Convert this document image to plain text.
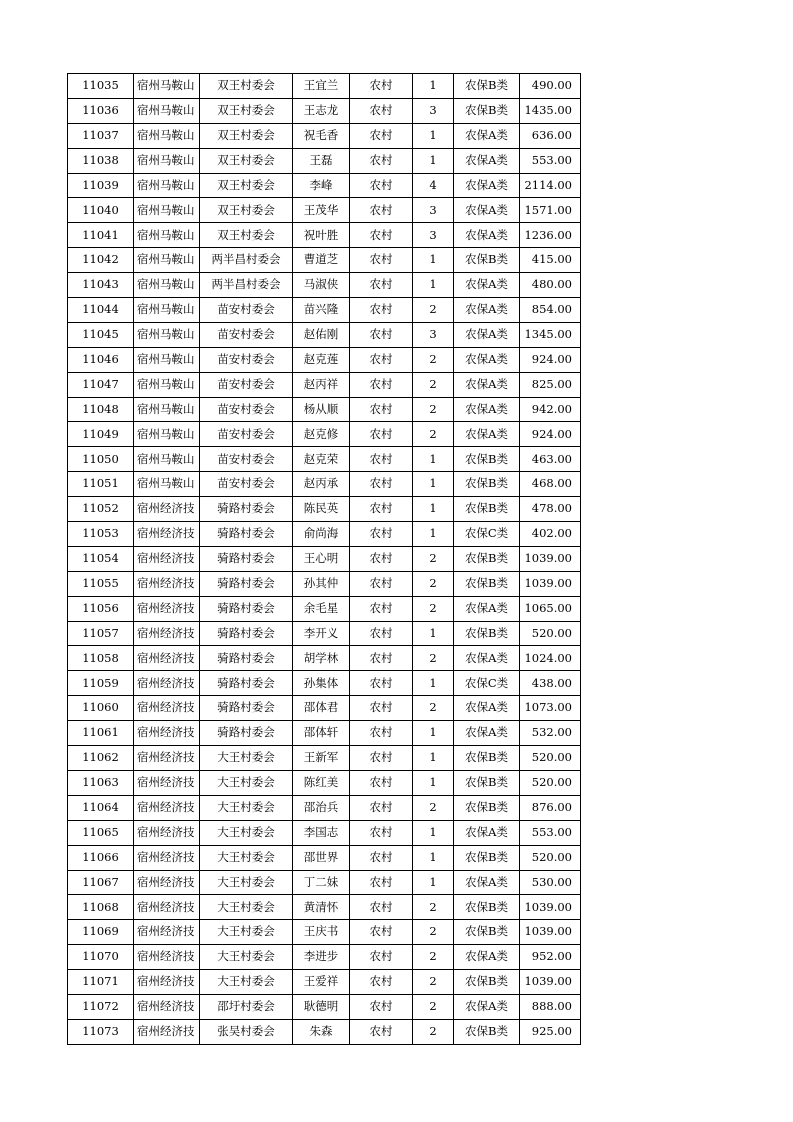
11035	宿州马鞍山	双王村委会	王宜兰	农村	1	农保B类	490.00
11036	宿州马鞍山	双王村委会	王志龙	农村	3	农保B类	1435.00
11037	宿州马鞍山	双王村委会	祝毛香	农村	1	农保A类	636.00
11038	宿州马鞍山	双王村委会	王磊	农村	1	农保A类	553.00
11039	宿州马鞍山	双王村委会	李峰	农村	4	农保A类	2114.00
11040	宿州马鞍山	双王村委会	王茂华	农村	3	农保A类	1571.00
11041	宿州马鞍山	双王村委会	祝叶胜	农村	3	农保A类	1236.00
11042	宿州马鞍山	两半昌村委会	曹道芝	农村	1	农保B类	415.00
11043	宿州马鞍山	两半昌村委会	马淑侠	农村	1	农保A类	480.00
11044	宿州马鞍山	苗安村委会	苗兴隆	农村	2	农保A类	854.00
11045	宿州马鞍山	苗安村委会	赵佑刚	农村	3	农保A类	1345.00
11046	宿州马鞍山	苗安村委会	赵克莲	农村	2	农保A类	924.00
11047	宿州马鞍山	苗安村委会	赵丙祥	农村	2	农保A类	825.00
11048	宿州马鞍山	苗安村委会	杨从顺	农村	2	农保A类	942.00
11049	宿州马鞍山	苗安村委会	赵克修	农村	2	农保A类	924.00
11050	宿州马鞍山	苗安村委会	赵克荣	农村	1	农保B类	463.00
11051	宿州马鞍山	苗安村委会	赵丙承	农村	1	农保B类	468.00
11052	宿州经济技	骑路村委会	陈民英	农村	1	农保B类	478.00
11053	宿州经济技	骑路村委会	俞尚海	农村	1	农保C类	402.00
11054	宿州经济技	骑路村委会	王心明	农村	2	农保B类	1039.00
11055	宿州经济技	骑路村委会	孙其仲	农村	2	农保B类	1039.00
11056	宿州经济技	骑路村委会	余毛星	农村	2	农保A类	1065.00
11057	宿州经济技	骑路村委会	李开义	农村	1	农保B类	520.00
11058	宿州经济技	骑路村委会	胡学林	农村	2	农保A类	1024.00
11059	宿州经济技	骑路村委会	孙集体	农村	1	农保C类	438.00
11060	宿州经济技	骑路村委会	邵体君	农村	2	农保A类	1073.00
11061	宿州经济技	骑路村委会	邵体轩	农村	1	农保A类	532.00
11062	宿州经济技	大王村委会	王新军	农村	1	农保B类	520.00
11063	宿州经济技	大王村委会	陈红美	农村	1	农保B类	520.00
11064	宿州经济技	大王村委会	邵治兵	农村	2	农保B类	876.00
11065	宿州经济技	大王村委会	李国志	农村	1	农保A类	553.00
11066	宿州经济技	大王村委会	邵世界	农村	1	农保B类	520.00
11067	宿州经济技	大王村委会	丁二妹	农村	1	农保A类	530.00
11068	宿州经济技	大王村委会	黄清怀	农村	2	农保B类	1039.00
11069	宿州经济技	大王村委会	王庆书	农村	2	农保B类	1039.00
11070	宿州经济技	大王村委会	李进步	农村	2	农保A类	952.00
11071	宿州经济技	大王村委会	王爱祥	农村	2	农保B类	1039.00
11072	宿州经济技	邵圩村委会	耿德明	农村	2	农保A类	888.00
11073	宿州经济技	张吴村委会	朱森	农村	2	农保B类	925.00
